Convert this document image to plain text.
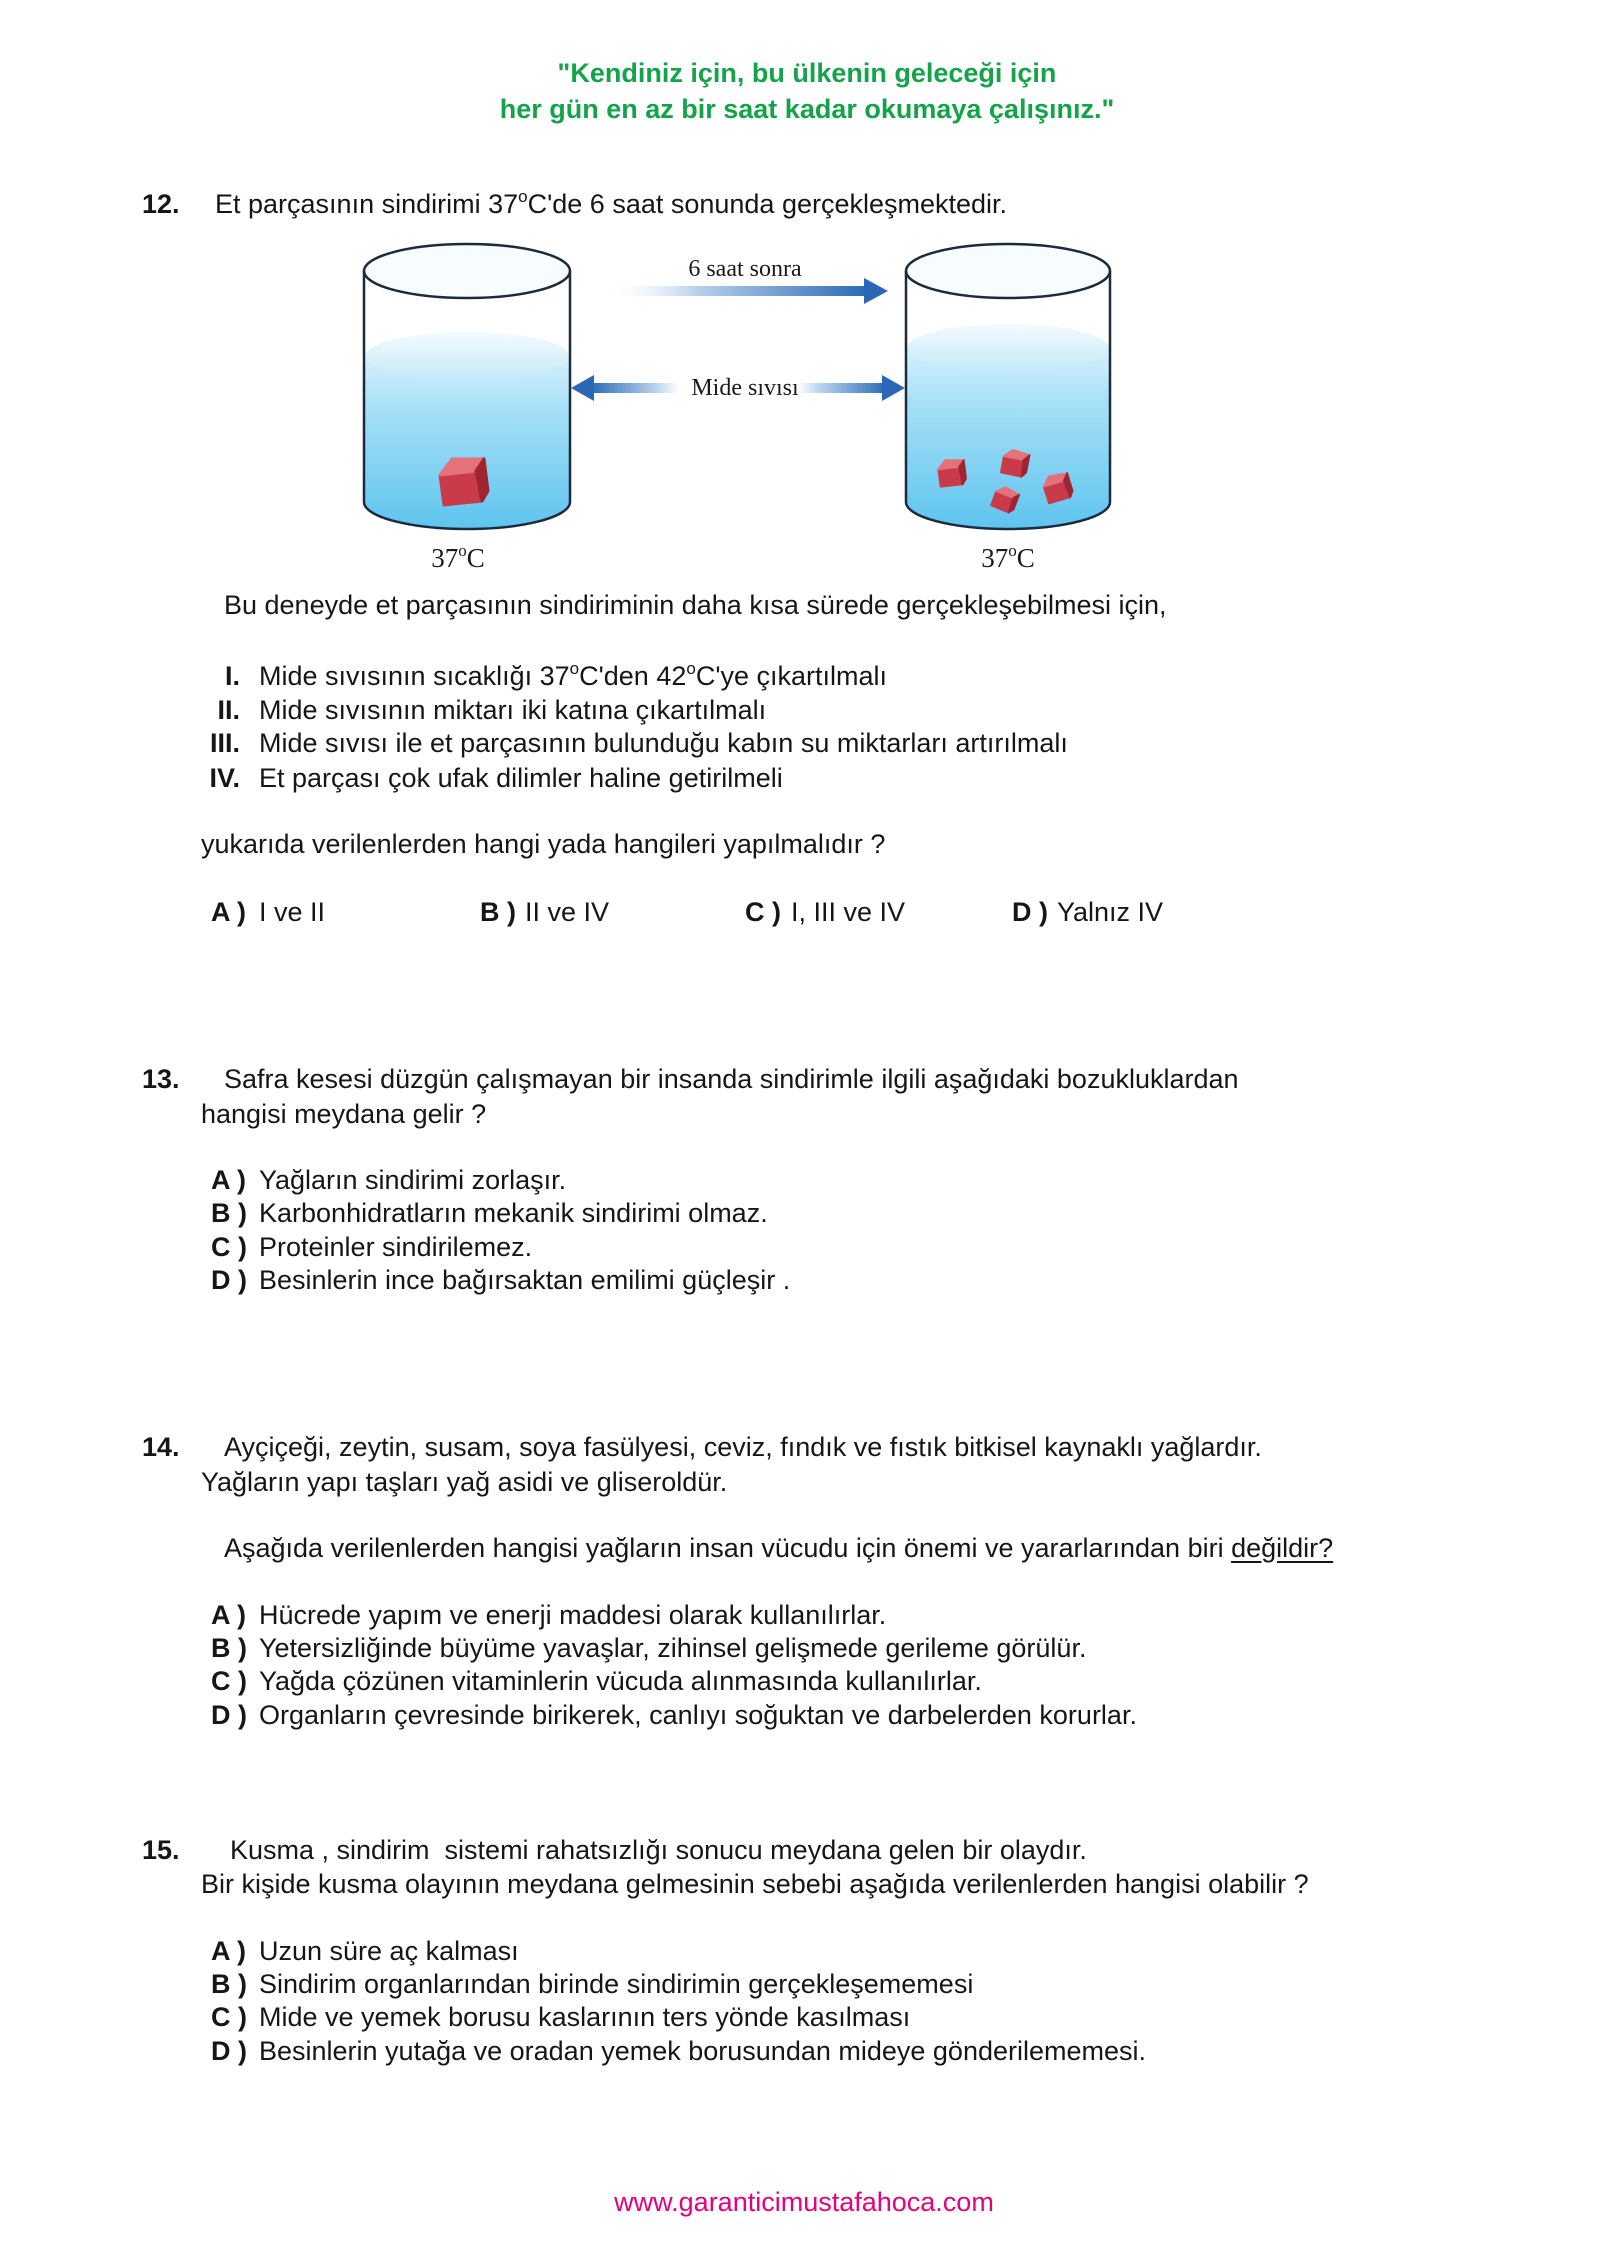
"Kendiniz için, bu ülkenin geleceği için
her gün en az bir saat kadar okumaya çalışınız."
12. Et parçasının sindirimi 37$^o$C'de 6 saat sonunda gerçekleşmektedir.
6 saat sonra
Mide sıvısı
37$^o$C	37$^o$C
Bu deneyde et parçasının sindiriminin daha kısa sürede gerçekleşebilmesi için,
I. Mide sıvısının sıcaklığı 37$^o$C'den 42$^o$C'ye çıkartılmalı
II. Mide sıvısının miktarı iki katına çıkartılmalı
III. Mide sıvısı ile et parçasının bulunduğu kabın su miktarları artırılmalı
IV. Et parçası çok ufak dilimler haline getirilmeli
yukarıda verilenlerden hangi yada hangileri yapılmalıdır ?
A ) I ve II	B ) II ve IV	C ) I, III ve IV	D ) Yalnız IV
13. Safra kesesi düzgün çalışmayan bir insanda sindirimle ilgili aşağıdaki bozukluklardan
hangisi meydana gelir ?
A ) Yağların sindirimi zorlaşır.
B ) Karbonhidratların mekanik sindirimi olmaz.
C ) Proteinler sindirilemez.
D ) Besinlerin ince bağırsaktan emilimi güçleşir .
14. Ayçiçeği, zeytin, susam, soya fasülyesi, ceviz, fındık ve fıstık bitkisel kaynaklı yağlardır.
Yağların yapı taşları yağ asidi ve gliseroldür.
Aşağıda verilenlerden hangisi yağların insan vücudu için önemi ve yararlarından biri değildir?
A ) Hücrede yapım ve enerji maddesi olarak kullanılırlar.
B ) Yetersizliğinde büyüme yavaşlar, zihinsel gelişmede gerileme görülür.
C ) Yağda çözünen vitaminlerin vücuda alınmasında kullanılırlar.
D ) Organların çevresinde birikerek, canlıyı soğuktan ve darbelerden korurlar.
15. Kusma , sindirim  sistemi rahatsızlığı sonucu meydana gelen bir olaydır.
Bir kişide kusma olayının meydana gelmesinin sebebi aşağıda verilenlerden hangisi olabilir ?
A ) Uzun süre aç kalması
B ) Sindirim organlarından birinde sindirimin gerçekleşememesi
C ) Mide ve yemek borusu kaslarının ters yönde kasılması
D ) Besinlerin yutağa ve oradan yemek borusundan mideye gönderilememesi.
www.garanticimustafahoca.com
